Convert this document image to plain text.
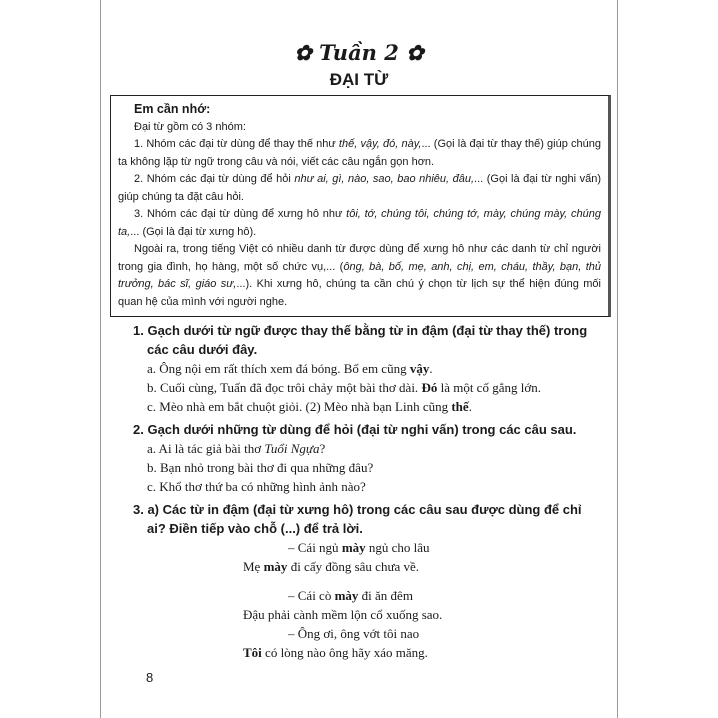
✿ Tuần 2 ✿
ĐẠI TỪ

Em cần nhớ:

Đại từ gồm có 3 nhóm:

1. Nhóm các đại từ dùng để thay thế như thế, vậy, đó, này,... (Gọi là đại từ thay thế) giúp chúng ta không lặp từ ngữ trong câu và nói, viết các câu ngắn gọn hơn.

2. Nhóm các đại từ dùng để hỏi như ai, gì, nào, sao, bao nhiêu, đâu,... (Gọi là đại từ nghi vấn) giúp chúng ta đặt câu hỏi.

3. Nhóm các đại từ dùng để xưng hô như tôi, tớ, chúng tôi, chúng tớ, mày, chúng mày, chúng ta,... (Gọi là đại từ xưng hô).

Ngoài ra, trong tiếng Việt có nhiều danh từ được dùng để xưng hô như các danh từ chỉ người trong gia đình, họ hàng, một số chức vụ,... (ông, bà, bố, mẹ, anh, chị, em, cháu, thầy, bạn, thủ trưởng, bác sĩ, giáo sư,...). Khi xưng hô, chúng ta cần chú ý chọn từ lịch sự thể hiện đúng mối quan hệ của mình với người nghe.

1. Gạch dưới từ ngữ được thay thế bằng từ in đậm (đại từ thay thế) trong các câu dưới đây.

a. Ông nội em rất thích xem đá bóng. Bố em cũng vậy.

b. Cuối cùng, Tuấn đã đọc trôi chảy một bài thơ dài. Đó là một cố gắng lớn.

c. Mèo nhà em bắt chuột giỏi. (2) Mèo nhà bạn Linh cũng thế.

2. Gạch dưới những từ dùng để hỏi (đại từ nghi vấn) trong các câu sau.

a. Ai là tác giả bài thơ Tuổi Ngựa?

b. Bạn nhỏ trong bài thơ đi qua những đâu?

c. Khổ thơ thứ ba có những hình ảnh nào?

3. a) Các từ in đậm (đại từ xưng hô) trong các câu sau được dùng để chỉ ai? Điền tiếp vào chỗ (...) để trả lời.

– Cái ngủ mày ngủ cho lâu

Mẹ mày đi cấy đồng sâu chưa về.

– Cái cò mày đi ăn đêm

Đậu phải cành mềm lộn cổ xuống sao.

– Ông ơi, ông vớt tôi nao

Tôi có lòng nào ông hãy xáo măng.

8
